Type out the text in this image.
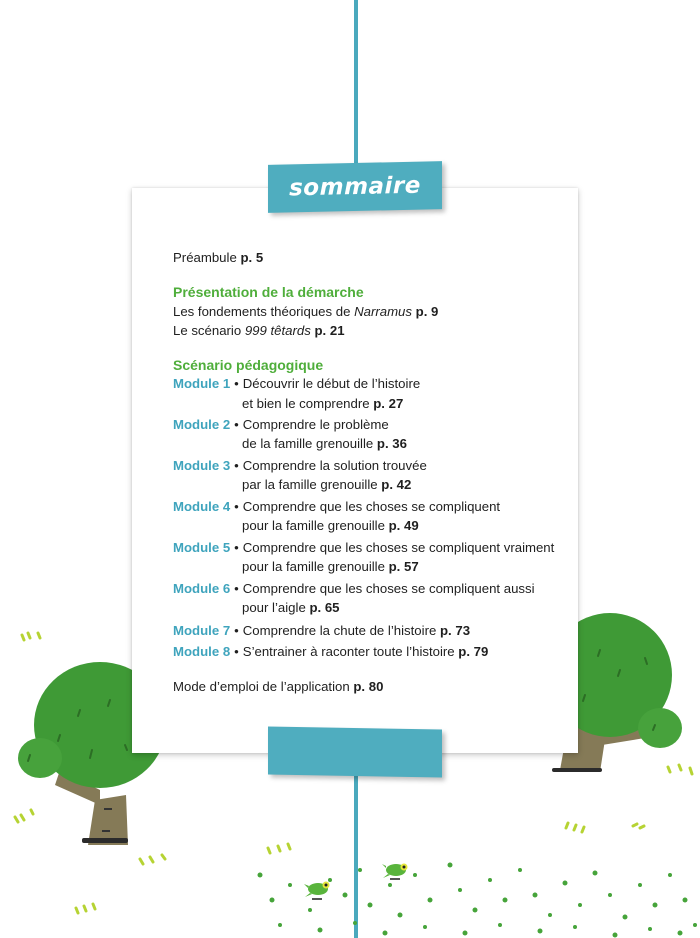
sommaire
Préambule p. 5
Présentation de la démarche
Les fondements théoriques de Narramus p. 9
Le scénario 999 têtards p. 21
Scénario pédagogique
Module 1 • Découvrir le début de l’histoire
et bien le comprendre p. 27
Module 2 • Comprendre le problème
de la famille grenouille p. 36
Module 3 • Comprendre la solution trouvée
par la famille grenouille p. 42
Module 4 • Comprendre que les choses se compliquent
pour la famille grenouille p. 49
Module 5 • Comprendre que les choses se compliquent vraiment
pour la famille grenouille p. 57
Module 6 • Comprendre que les choses se compliquent aussi
pour l’aigle p. 65
Module 7 • Comprendre la chute de l’histoire p. 73
Module 8 • S’entrainer à raconter toute l’histoire p. 79
Mode d’emploi de l’application p. 80
